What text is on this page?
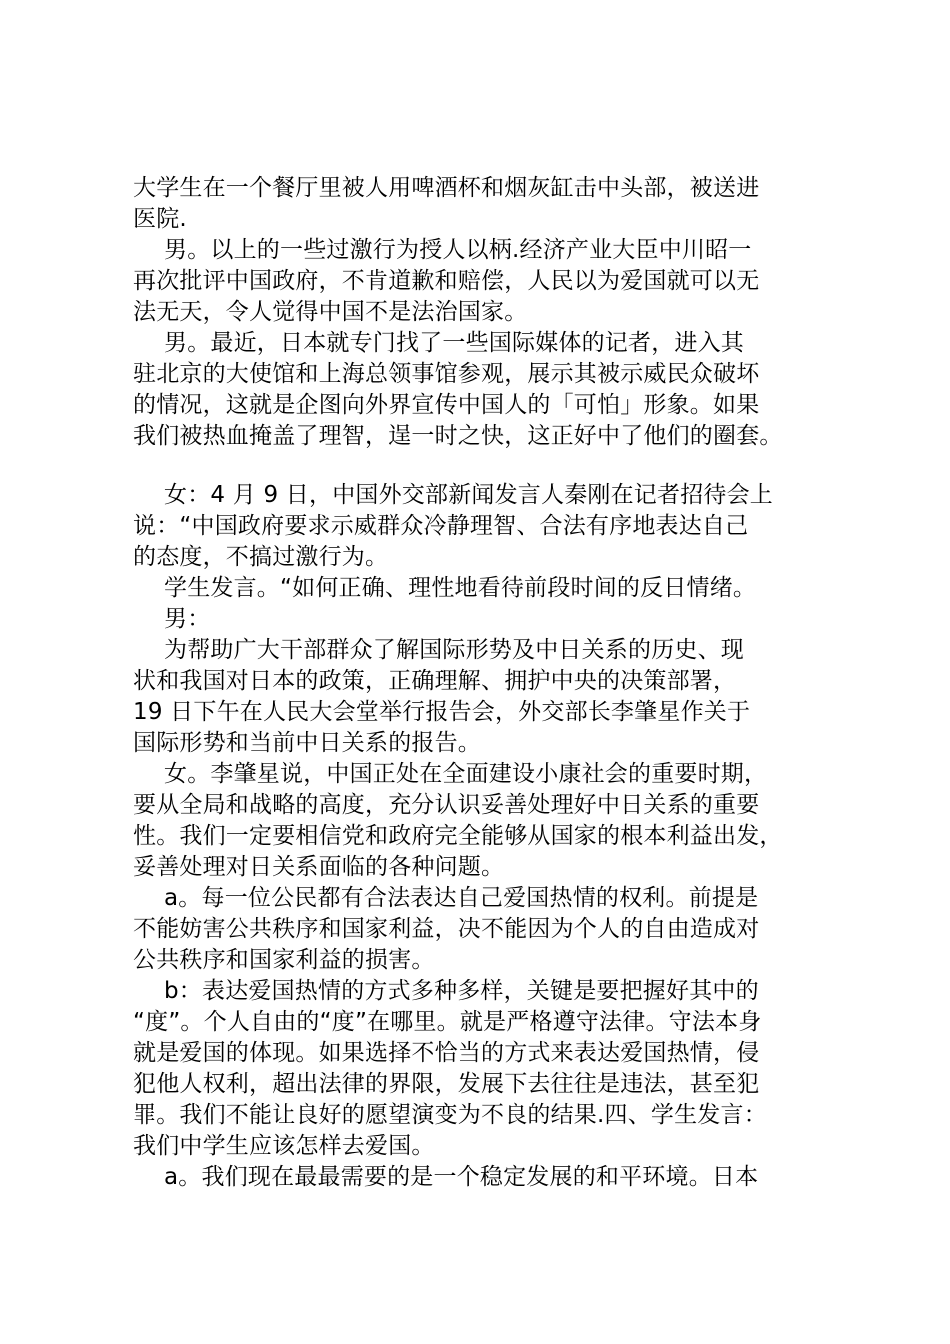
大学生在一个餐厅里被人用啤酒杯和烟灰缸击中头部，被送进
医院.
男。以上的一些过激行为授人以柄.经济产业大臣中川昭一
再次批评中国政府，不肯道歉和赔偿，人民以为爱国就可以无
法无天，令人觉得中国不是法治国家。
男。最近，日本就专门找了一些国际媒体的记者，进入其
驻北京的大使馆和上海总领事馆参观，展示其被示威民众破坏
的情况，这就是企图向外界宣传中国人的「可怕」形象。如果
我们被热血掩盖了理智，逞一时之快，这正好中了他们的圈套。
女：4 月 9 日，中国外交部新闻发言人秦刚在记者招待会上
说：“中国政府要求示威群众冷静理智、合法有序地表达自己
的态度，不搞过激行为。
学生发言。“如何正确、理性地看待前段时间的反日情绪。
男：
为帮助广大干部群众了解国际形势及中日关系的历史、现
状和我国对日本的政策，正确理解、拥护中央的决策部署，
19 日下午在人民大会堂举行报告会，外交部长李肇星作关于
国际形势和当前中日关系的报告。
女。李肇星说，中国正处在全面建设小康社会的重要时期，
要从全局和战略的高度，充分认识妥善处理好中日关系的重要
性。我们一定要相信党和政府完全能够从国家的根本利益出发，
妥善处理对日关系面临的各种问题。
a。每一位公民都有合法表达自己爱国热情的权利。前提是
不能妨害公共秩序和国家利益，决不能因为个人的自由造成对
公共秩序和国家利益的损害。
b：表达爱国热情的方式多种多样，关键是要把握好其中的
“度”。个人自由的“度”在哪里。就是严格遵守法律。守法本身
就是爱国的体现。如果选择不恰当的方式来表达爱国热情，侵
犯他人权利，超出法律的界限，发展下去往往是违法，甚至犯
罪。我们不能让良好的愿望演变为不良的结果.四、学生发言：
我们中学生应该怎样去爱国。
a。我们现在最最需要的是一个稳定发展的和平环境。日本
